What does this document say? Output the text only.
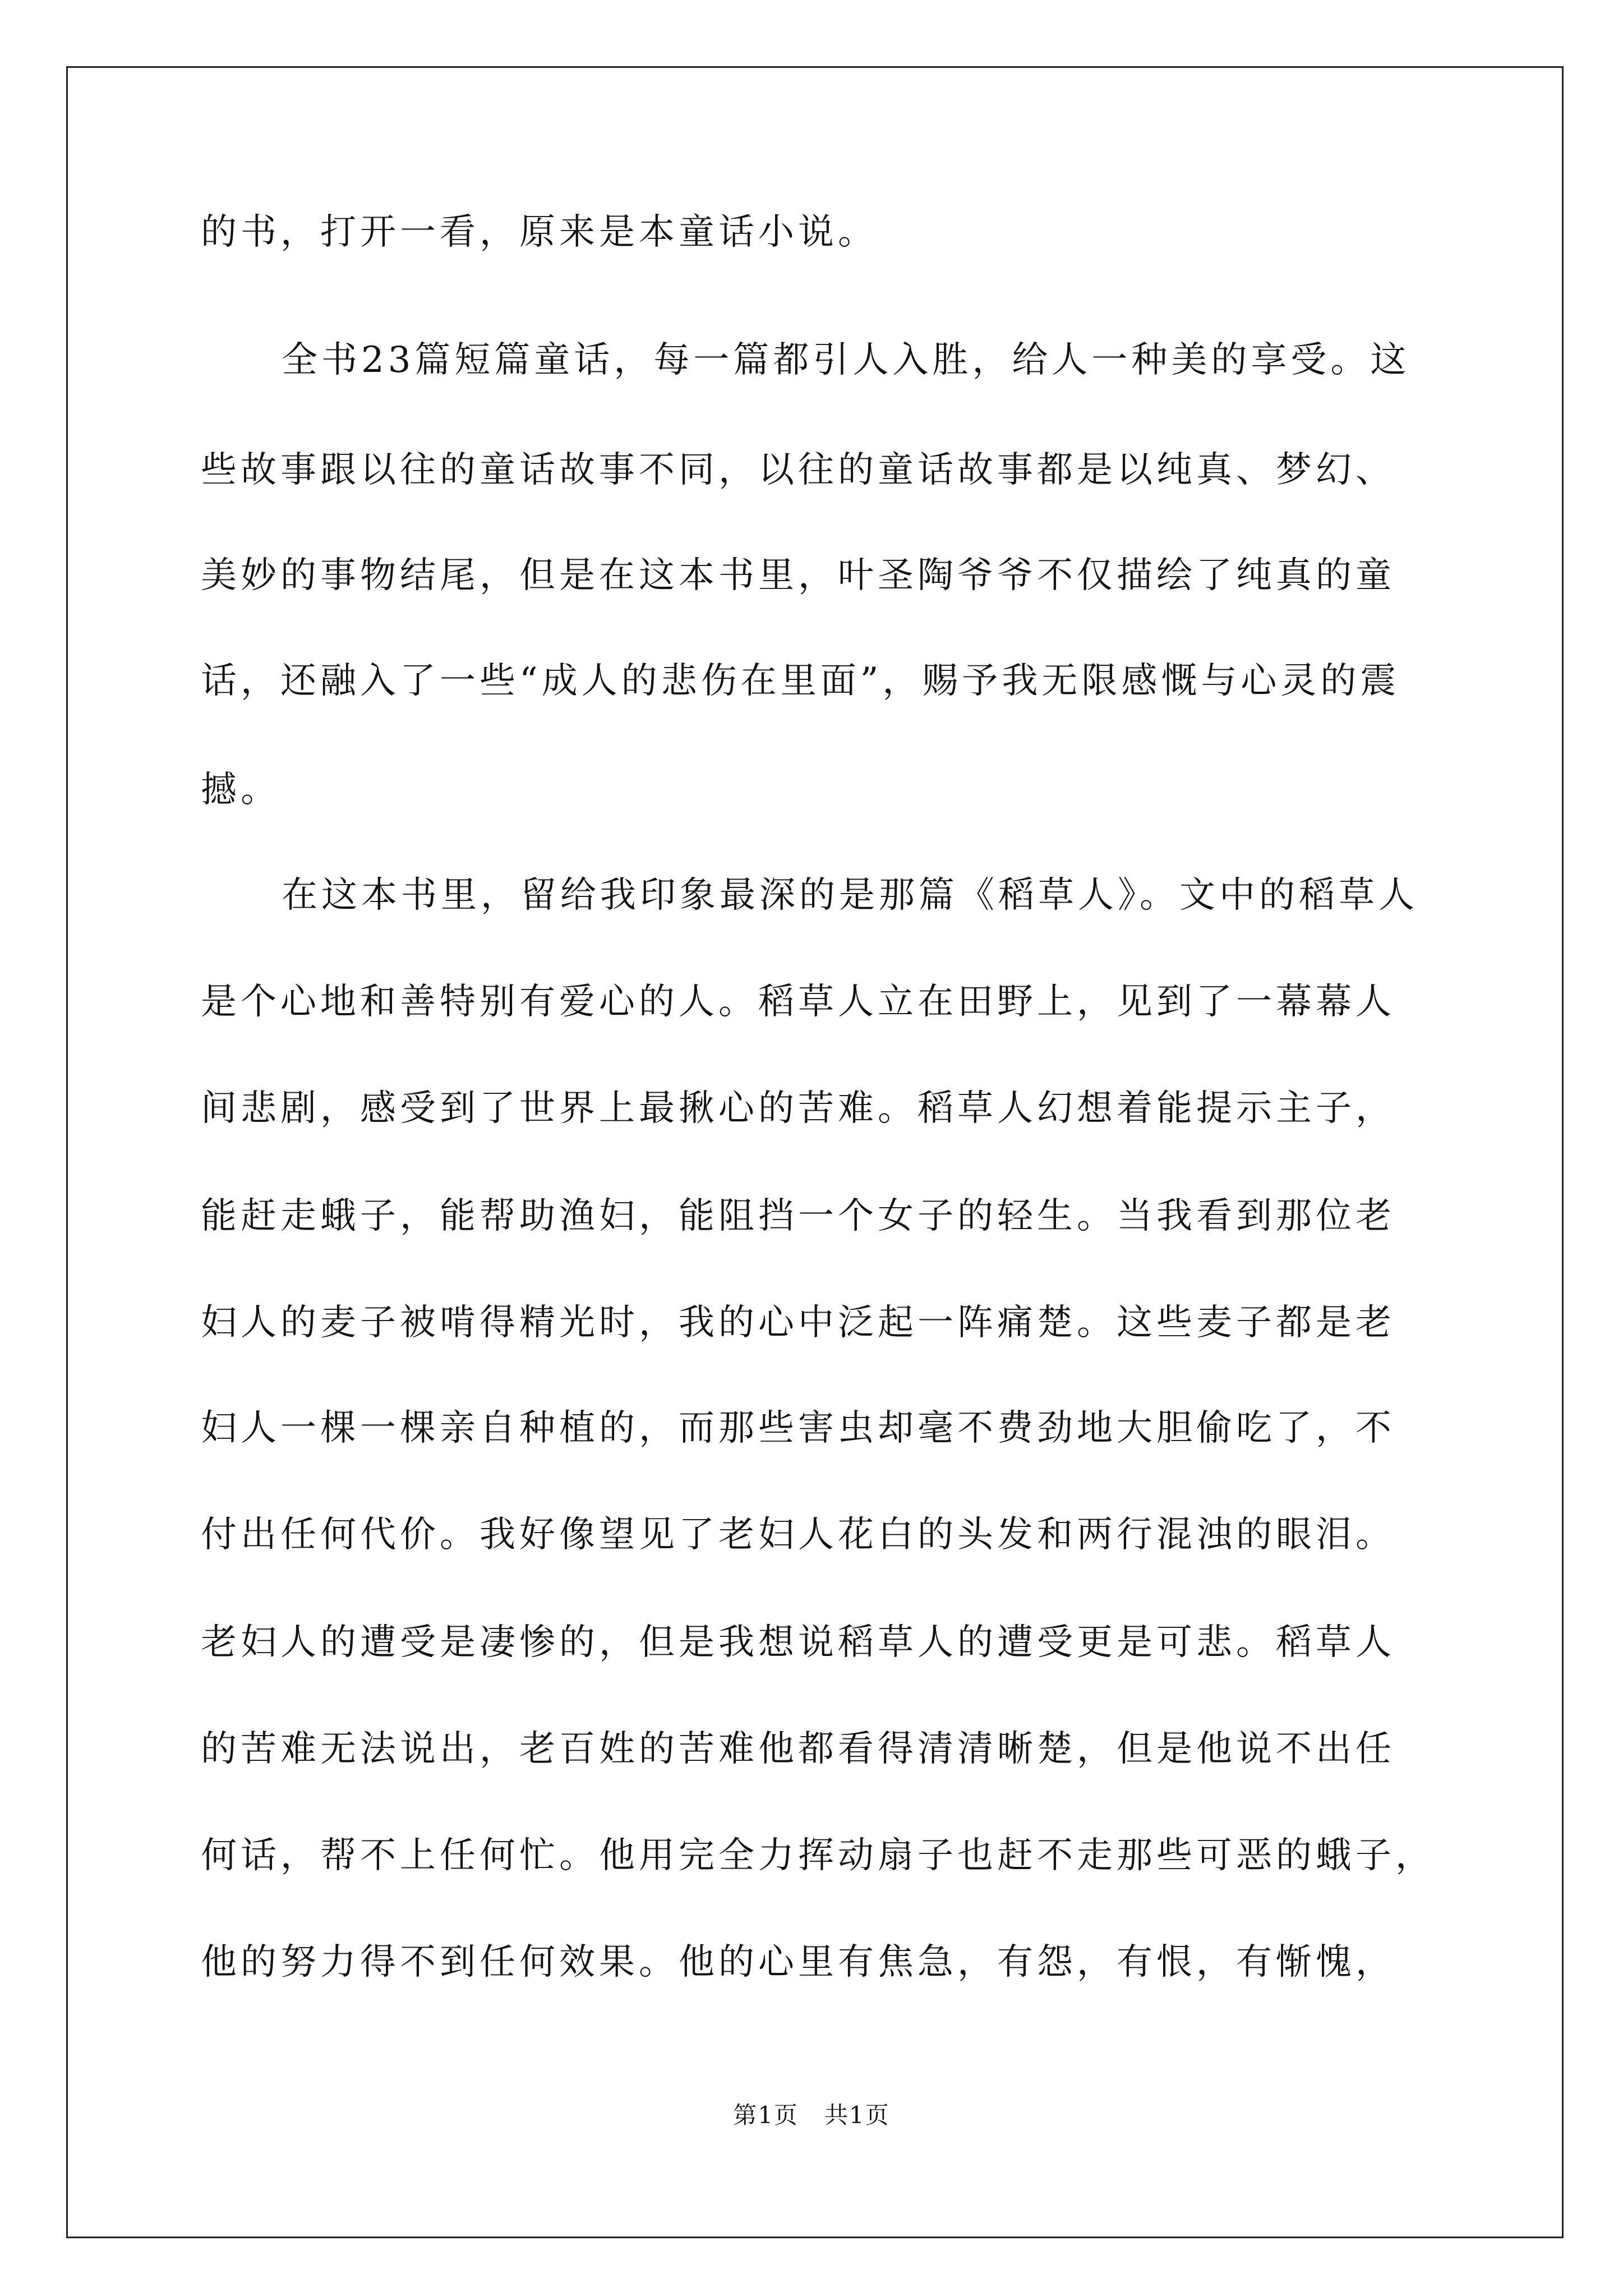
的书，打开一看，原来是本童话小说。
全书23篇短篇童话，每一篇都引人入胜，给人一种美的享受。这
些故事跟以往的童话故事不同，以往的童话故事都是以纯真、梦幻、
美妙的事物结尾，但是在这本书里，叶圣陶爷爷不仅描绘了纯真的童
话，还融入了一些“成人的悲伤在里面”，赐予我无限感慨与心灵的震
撼。
在这本书里，留给我印象最深的是那篇《稻草人》。文中的稻草人
是个心地和善特别有爱心的人。稻草人立在田野上，见到了一幕幕人
间悲剧，感受到了世界上最揪心的苦难。稻草人幻想着能提示主子，
能赶走蛾子，能帮助渔妇，能阻挡一个女子的轻生。当我看到那位老
妇人的麦子被啃得精光时，我的心中泛起一阵痛楚。这些麦子都是老
妇人一棵一棵亲自种植的，而那些害虫却毫不费劲地大胆偷吃了，不
付出任何代价。我好像望见了老妇人花白的头发和两行混浊的眼泪。
老妇人的遭受是凄惨的，但是我想说稻草人的遭受更是可悲。稻草人
的苦难无法说出，老百姓的苦难他都看得清清晰楚，但是他说不出任
何话，帮不上任何忙。他用完全力挥动扇子也赶不走那些可恶的蛾子，
他的努力得不到任何效果。他的心里有焦急，有怨，有恨，有惭愧，
第1页   共1页
